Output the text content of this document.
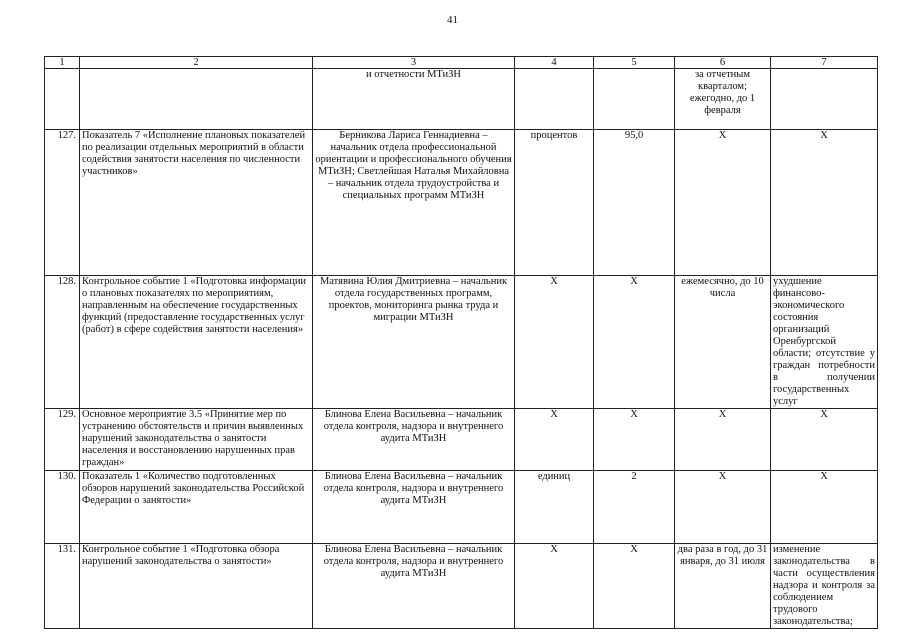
41
1	2	3	4	5	6	7
		и отчетности МТиЗН			за отчетным кварталом; ежегодно, до 1 февраля	
127.	Показатель 7 «Исполнение плановых показателей по реализации отдельных мероприятий в области содействия занятости населения по численности участников»	Берникова Лариса Геннадиевна – начальник отдела профессиональной ориентации и профессионального обучения МТиЗН; Светлейшая Наталья Михайловна – начальник отдела трудоустройства и специальных программ МТиЗН	процентов	95,0	X	X
128.	Контрольное событие 1 «Подготовка информации о плановых показателях по мероприятиям, направленным на обеспечение государственных функций (предоставление государственных услуг (работ) в сфере содействия занятости населения»	Матявина Юлия Дмитриевна – начальник отдела государственных программ, проектов, мониторинга рынка труда и миграции МТиЗН	X	X	ежемесячно, до 10 числа	ухудшение финансово-экономического состояния организаций Оренбургской области; отсутствие у граждан потребности в получении государственных услуг
129.	Основное мероприятие 3.5 «Принятие мер по устранению обстоятельств и причин выявленных нарушений законодательства о занятости населения и восстановлению нарушенных прав граждан»	Блинова Елена Васильевна – начальник отдела контроля, надзора и внутреннего аудита МТиЗН	X	X	X	X
130.	Показатель 1 «Количество подготовленных обзоров нарушений законодательства Российской Федерации о занятости»	Блинова Елена Васильевна – начальник отдела контроля, надзора и внутреннего аудита МТиЗН	единиц	2	X	X
131.	Контрольное событие 1 «Подготовка обзора нарушений законодательства о занятости»	Блинова Елена Васильевна – начальник отдела контроля, надзора и внутреннего аудита МТиЗН	X	X	два раза в год, до 31 января, до 31 июля	изменение законодательства в части осуществления надзора и контроля за соблюдением трудового законодательства;
